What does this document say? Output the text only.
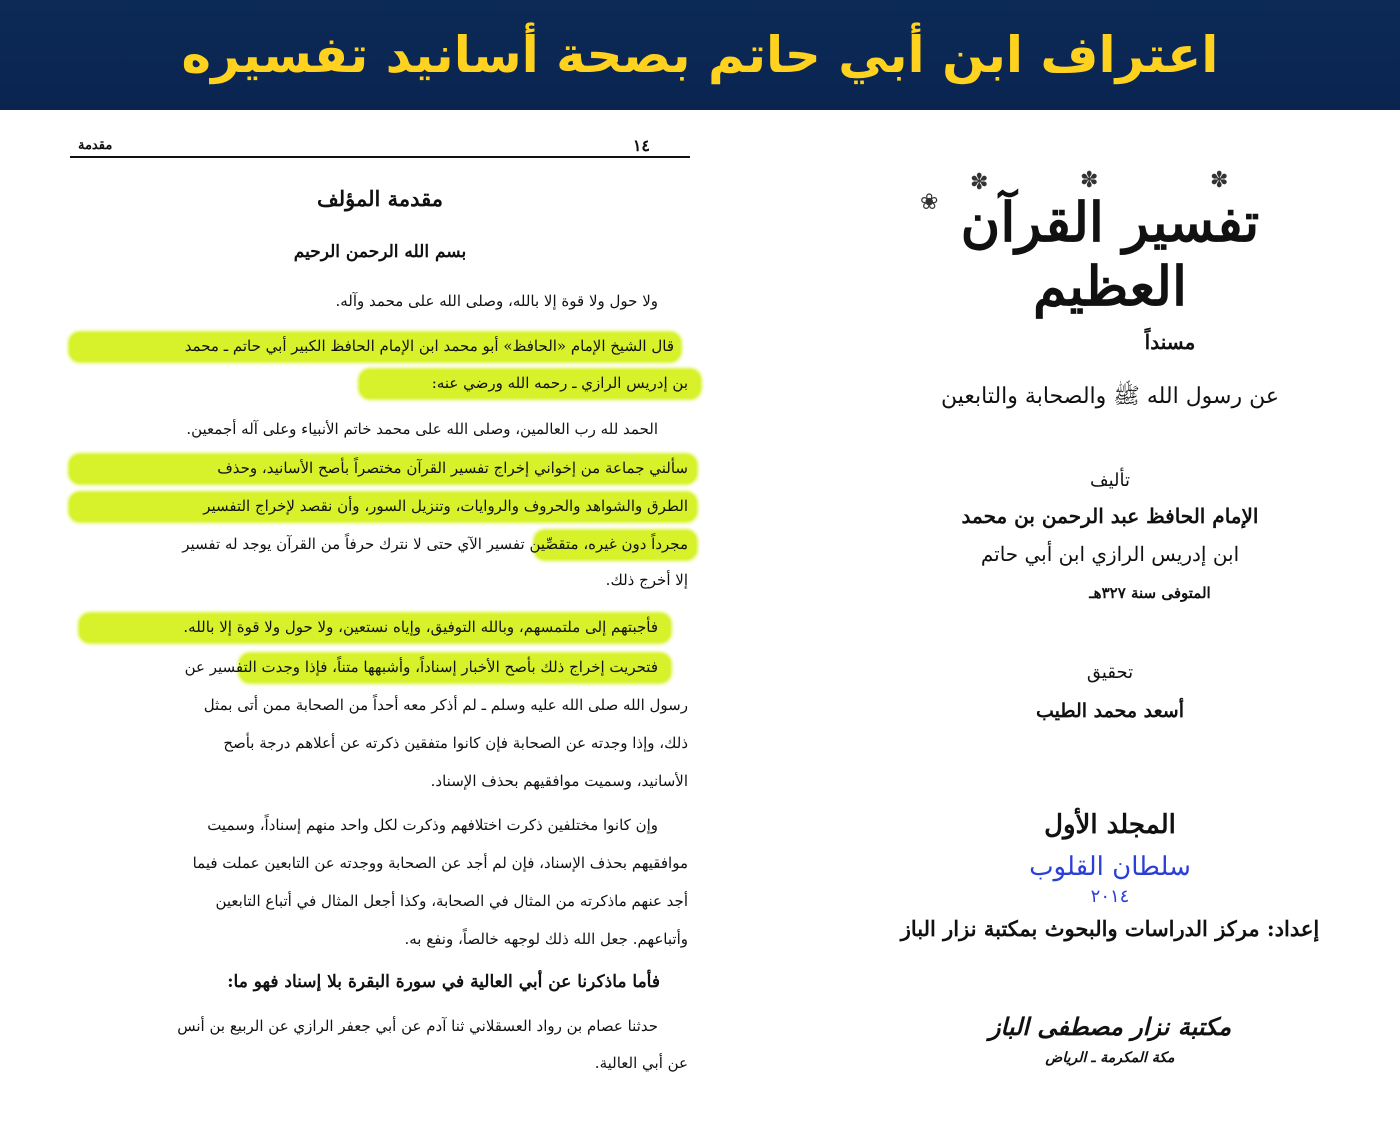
اعتراف ابن أبي حاتم بصحة أسانيد تفسيره
١٤
مقدمة
مقدمة المؤلف
بسم الله الرحمن الرحيم
ولا حول ولا قوة إلا بالله، وصلى الله على محمد وآله.
قال الشيخ الإمام «الحافظ» أبو محمد ابن الإمام الحافظ الكبير أبي حاتم ـ محمد
بن إدريس الرازي ـ رحمه الله ورضي عنه:
الحمد لله رب العالمين، وصلى الله على محمد خاتم الأنبياء وعلى آله أجمعين.
سألني جماعة من إخواني إخراج تفسير القرآن مختصراً بأصح الأسانيد، وحذف
الطرق والشواهد والحروف والروايات، وتنزيل السور، وأن نقصد لإخراج التفسير
مجرداً دون غيره، متقصِّين تفسير الآي حتى لا نترك حرفاً من القرآن يوجد له تفسير
إلا أخرج ذلك.
فأجبتهم إلى ملتمسهم، وبالله التوفيق، وإياه نستعين، ولا حول ولا قوة إلا بالله.
فتحريت إخراج ذلك بأصح الأخبار إسناداً، وأشبهها متناً، فإذا وجدت التفسير عن
رسول الله صلى الله عليه وسلم ـ لم أذكر معه أحداً من الصحابة ممن أتى بمثل
ذلك، وإذا وجدته عن الصحابة فإن كانوا متفقين ذكرته عن أعلاهم درجة بأصح
الأسانيد، وسميت موافقيهم بحذف الإسناد.
وإن كانوا مختلفين ذكرت اختلافهم وذكرت لكل واحد منهم إسناداً، وسميت
موافقيهم بحذف الإسناد، فإن لم أجد عن الصحابة ووجدته عن التابعين عملت فيما
أجد عنهم ماذكرته من المثال في الصحابة، وكذا أجعل المثال في أتباع التابعين
وأتباعهم. جعل الله ذلك لوجهه خالصاً، ونفع به.
فأما ماذكرنا عن أبي العالية في سورة البقرة بلا إسناد فهو ما:
حدثنا عصام بن رواد العسقلاني ثنا آدم عن أبي جعفر الرازي عن الربيع بن أنس
عن أبي العالية.
❀
✽	✽	✽
تفسير القرآن العظيم
مسنداً
عن رسول الله ﷺ والصحابة والتابعين
تأليف
الإمام الحافظ عبد الرحمن بن محمد
ابن إدريس الرازي ابن أبي حاتم
المتوفى سنة ٣٢٧هـ
تحقيق
أسعد محمد الطيب
المجلد الأول
سلطان القلوب
٢٠١٤
إعداد: مركز الدراسات والبحوث بمكتبة نزار الباز
مكتبة نزار مصطفى الباز
مكة المكرمة ـ الرياض
